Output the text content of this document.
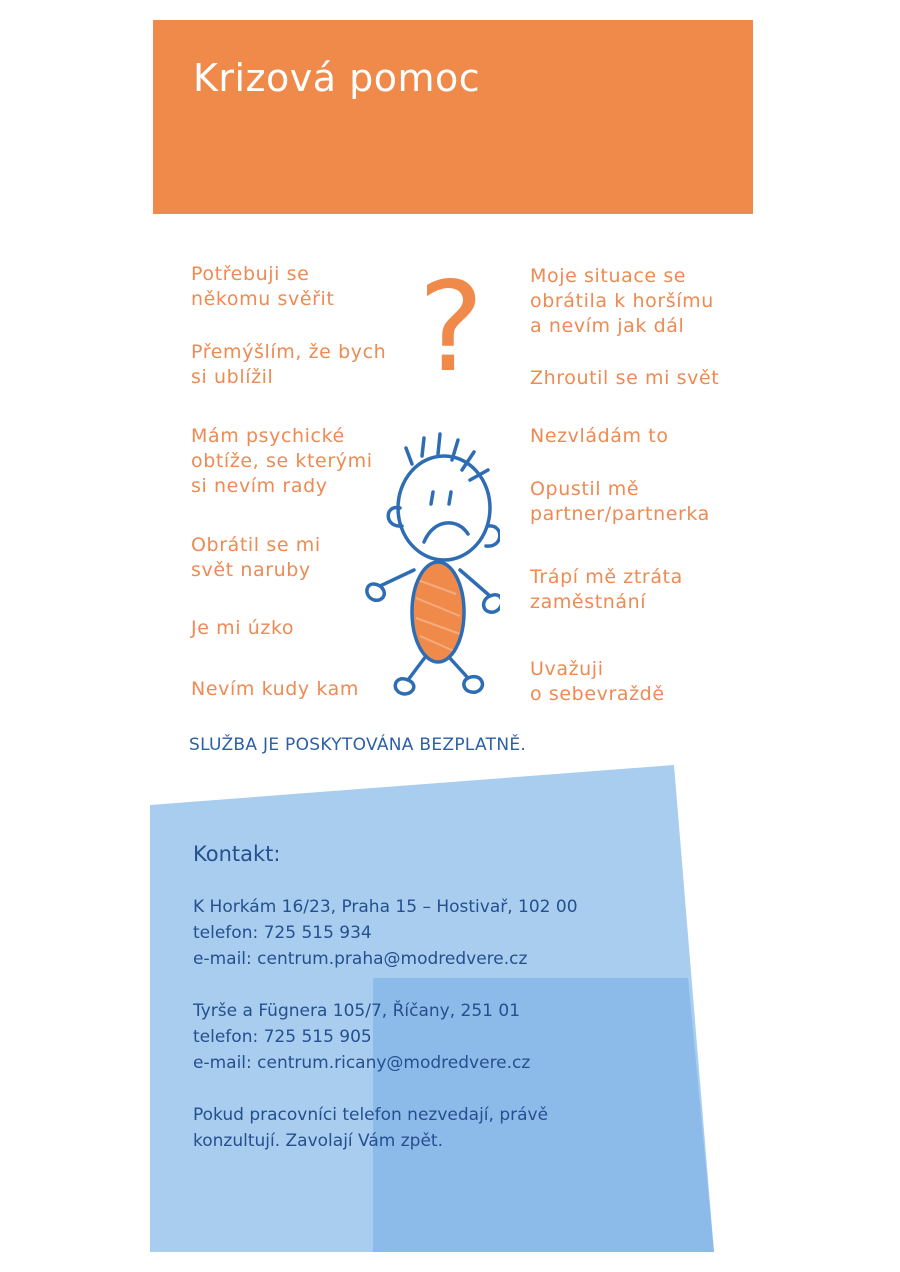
Krizová pomoc

Potřebuji se
někomu svěřit

Přemýšlím, že bych
si ublížil

Mám psychické
obtíže, se kterými
si nevím rady

Obrátil se mi
svět naruby

Je mi úzko

Nevím kudy kam

Moje situace se
obrátila k horšímu
a nevím jak dál

Zhroutil se mi svět

Nezvládám to

Opustil mě
partner/partnerka

Trápí mě ztráta
zaměstnání

Uvažuji
o sebevraždě

?
SLUŽBA JE POSKYTOVÁNA BEZPLATNĚ.
Kontakt:

K Horkám 16/23, Praha 15 – Hostivař, 102 00

telefon: 725 515 934

e-mail: centrum.praha@modredvere.cz

Tyrše a Fügnera 105/7, Říčany, 251 01

telefon: 725 515 905

e-mail: centrum.ricany@modredvere.cz

Pokud pracovníci telefon nezvedají, právě
konzultují. Zavolají Vám zpět.
